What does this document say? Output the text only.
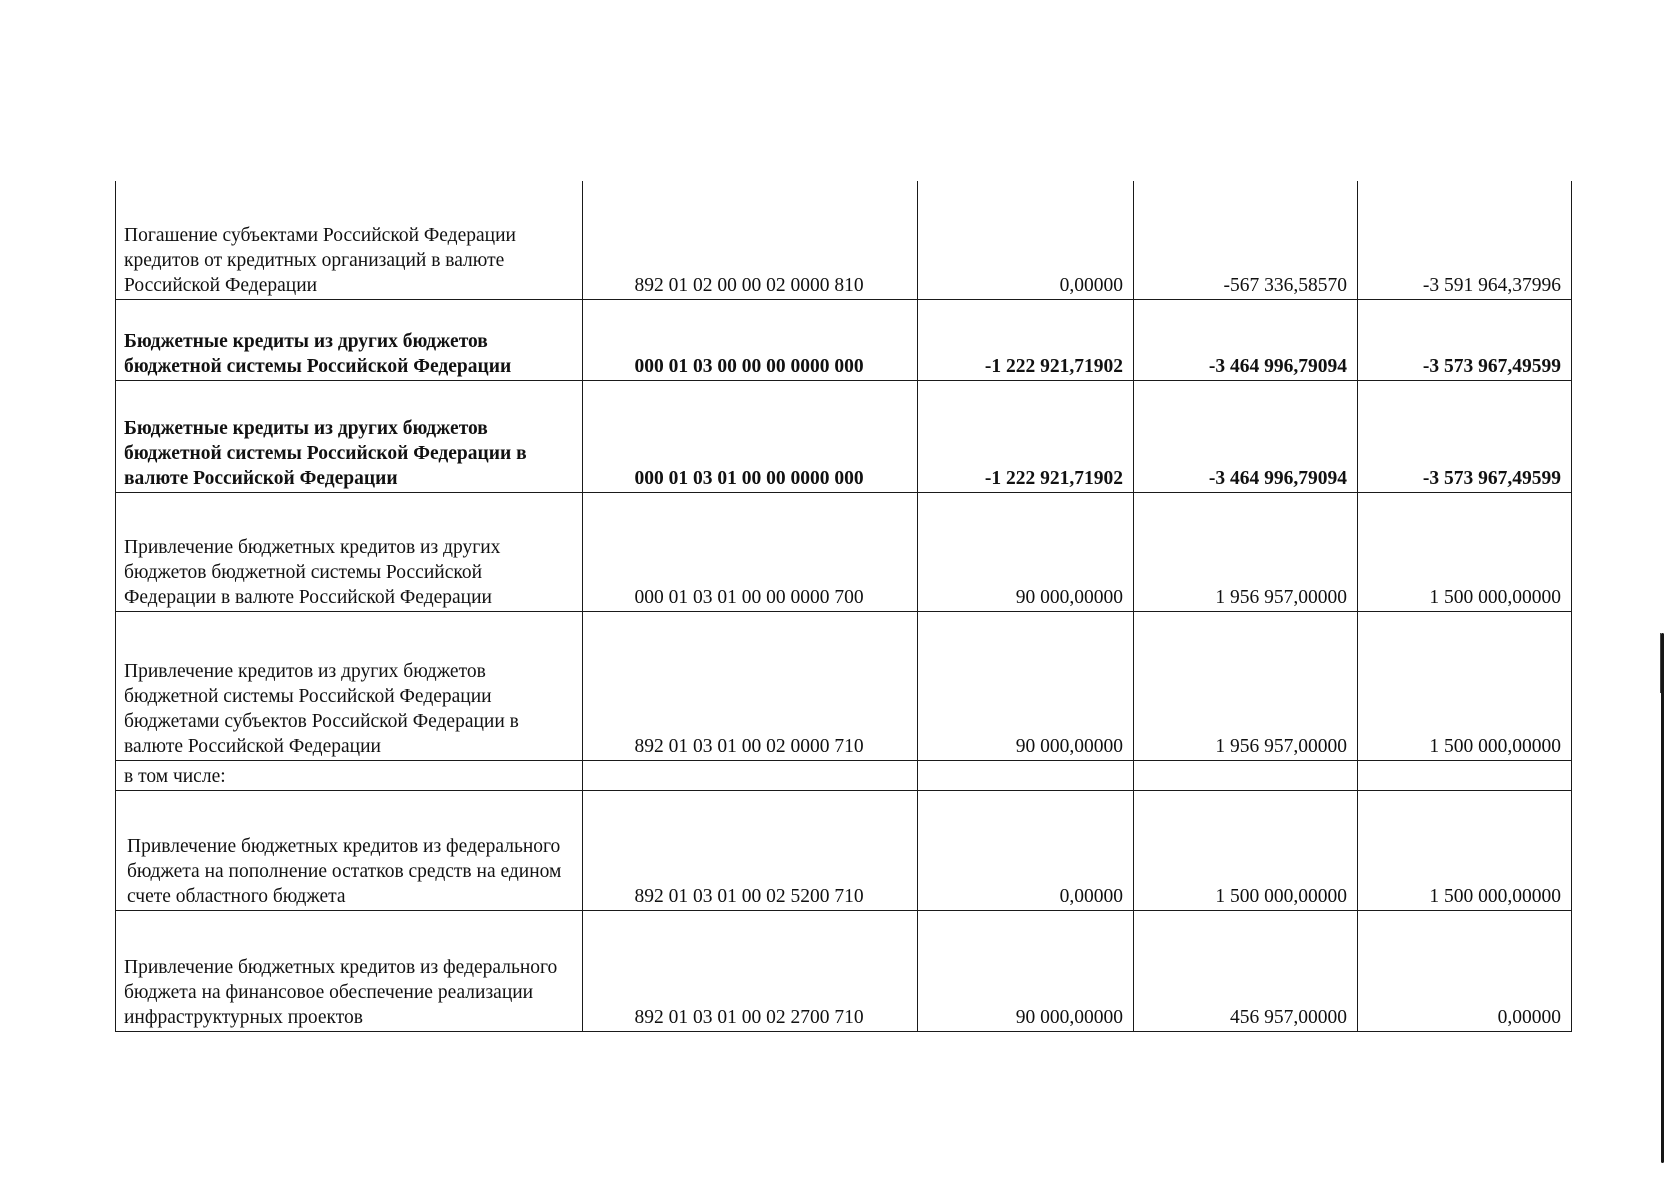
Погашение субъектами Российской Федерации кредитов от кредитных организаций в валюте Российской Федерации	892 01 02 00 00 02 0000 810	0,00000	-567 336,58570	-3 591 964,37996
Бюджетные кредиты из других бюджетов бюджетной системы Российской Федерации	000 01 03 00 00 00 0000 000	-1 222 921,71902	-3 464 996,79094	-3 573 967,49599
Бюджетные кредиты из других бюджетов бюджетной системы Российской Федерации в валюте Российской Федерации	000 01 03 01 00 00 0000 000	-1 222 921,71902	-3 464 996,79094	-3 573 967,49599
Привлечение бюджетных кредитов из других бюджетов бюджетной системы Российской Федерации в валюте Российской Федерации	000 01 03 01 00 00 0000 700	90 000,00000	1 956 957,00000	1 500 000,00000
Привлечение кредитов из других бюджетов бюджетной системы Российской Федерации бюджетами субъектов Российской Федерации в валюте Российской Федерации	892 01 03 01 00 02 0000 710	90 000,00000	1 956 957,00000	1 500 000,00000
в том числе:				
Привлечение бюджетных кредитов из федерального бюджета на пополнение остатков средств на едином счете областного бюджета	892 01 03 01 00 02 5200 710	0,00000	1 500 000,00000	1 500 000,00000
Привлечение бюджетных кредитов из федерального бюджета на финансовое обеспечение реализации инфраструктурных проектов	892 01 03 01 00 02 2700 710	90 000,00000	456 957,00000	0,00000
